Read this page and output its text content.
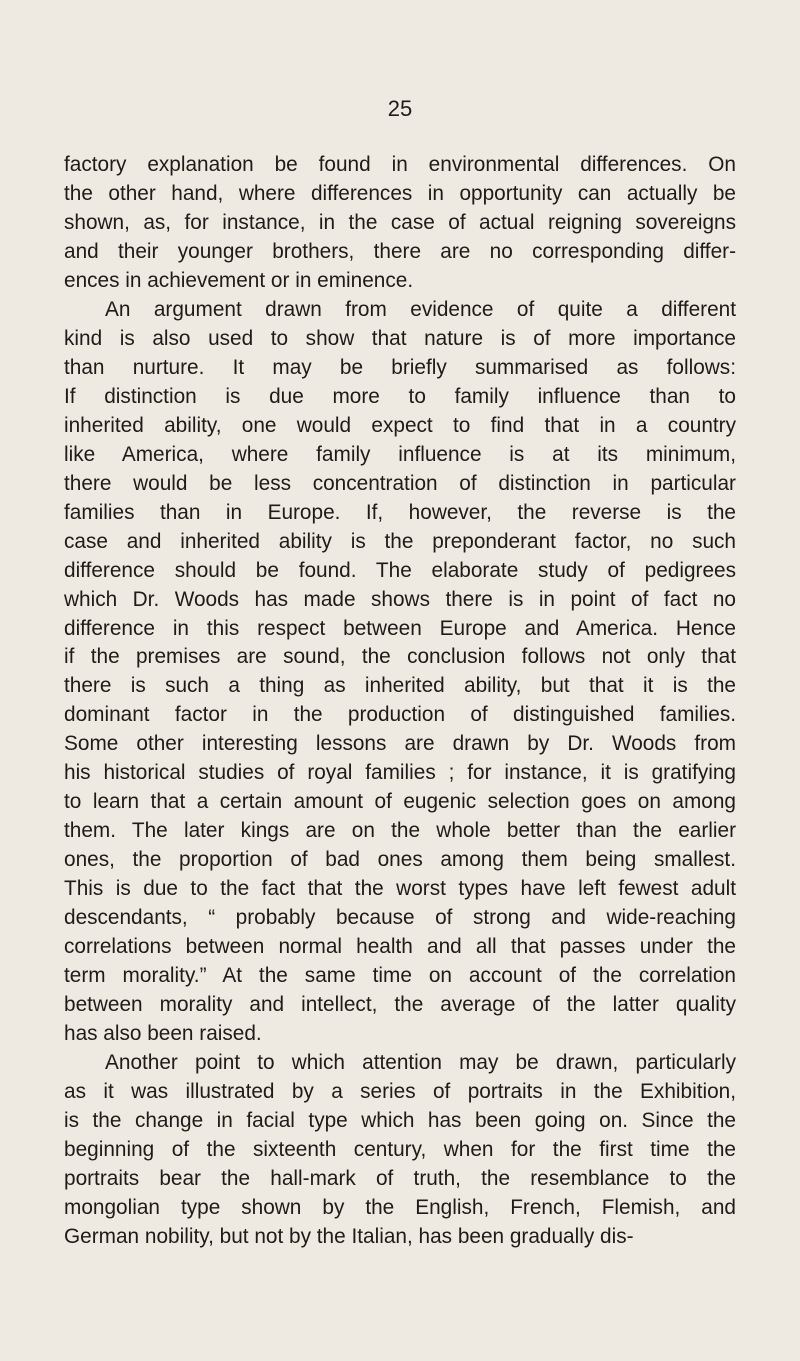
25
factory explanation be found in environmental differences. On
the other hand, where differences in opportunity can actually be
shown, as, for instance, in the case of actual reigning sovereigns
and their younger brothers, there are no corresponding differ-
ences in achievement or in eminence.
An argument drawn from evidence of quite a different
kind is also used to show that nature is of more importance
than nurture. It may be briefly summarised as follows:
If distinction is due more to family influence than to
inherited ability, one would expect to find that in a country
like America, where family influence is at its minimum,
there would be less concentration of distinction in particular
families than in Europe. If, however, the reverse is the
case and inherited ability is the preponderant factor, no such
difference should be found. The elaborate study of pedigrees
which Dr. Woods has made shows there is in point of fact no
difference in this respect between Europe and America. Hence
if the premises are sound, the conclusion follows not only that
there is such a thing as inherited ability, but that it is the
dominant factor in the production of distinguished families.
Some other interesting lessons are drawn by Dr. Woods from
his historical studies of royal families ; for instance, it is gratifying
to learn that a certain amount of eugenic selection goes on among
them. The later kings are on the whole better than the earlier
ones, the proportion of bad ones among them being smallest.
This is due to the fact that the worst types have left fewest adult
descendants, “ probably because of strong and wide-reaching
correlations between normal health and all that passes under the
term morality.” At the same time on account of the correlation
between morality and intellect, the average of the latter quality
has also been raised.
Another point to which attention may be drawn, particularly
as it was illustrated by a series of portraits in the Exhibition,
is the change in facial type which has been going on. Since the
beginning of the sixteenth century, when for the first time the
portraits bear the hall-mark of truth, the resemblance to the
mongolian type shown by the English, French, Flemish, and
German nobility, but not by the Italian, has been gradually dis-
